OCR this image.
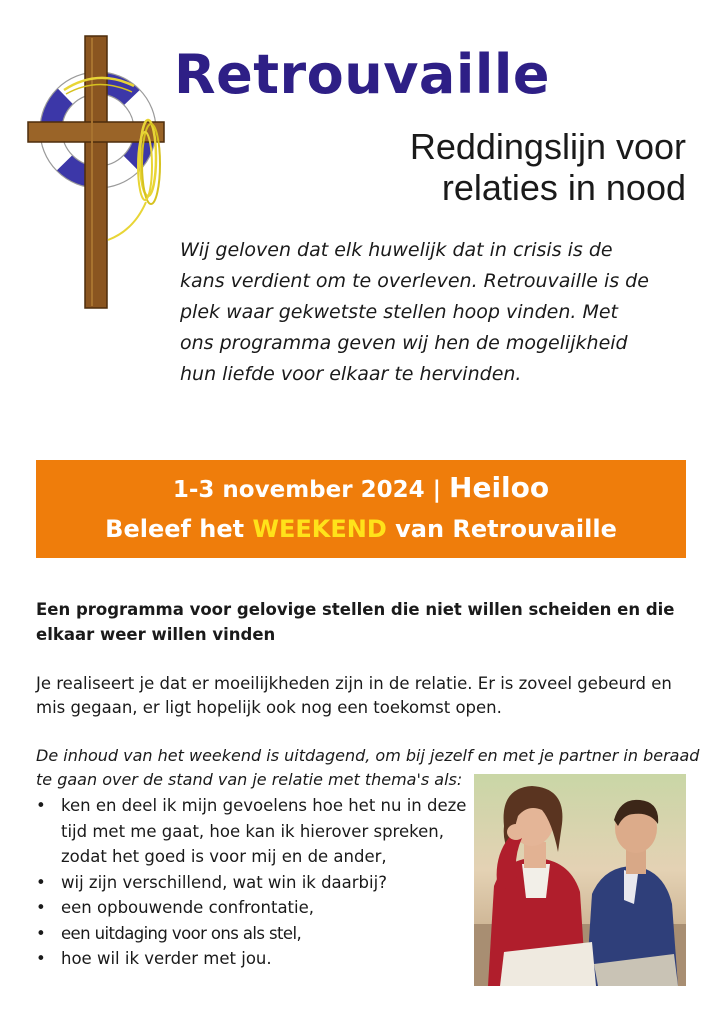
Retrouvaille
Reddingslijn voor
relaties in nood

Wij geloven dat elk huwelijk dat in crisis is de kans verdient om te overleven. Retrouvaille is de plek waar gekwetste stellen hoop vinden. Met ons programma geven wij hen de mogelijkheid hun liefde voor elkaar te hervinden.

1-3 november 2024 | Heiloo
Beleef het WEEKEND van Retrouvaille

Een programma voor gelovige stellen die niet willen scheiden en die elkaar weer willen vinden

Je realiseert je dat er moeilijkheden zijn in de relatie. Er is zoveel gebeurd en mis gegaan, er ligt hopelijk ook nog een toekomst open.

De inhoud van het weekend is uitdagend, om bij jezelf en met je partner in beraad te gaan over de stand van je relatie met thema's als:

• ken en deel ik mijn gevoelens hoe het nu in deze tijd met me gaat, hoe kan ik hierover spreken, zodat het goed is voor mij en de ander,
• wij zijn verschillend, wat win ik daarbij?
• een opbouwende confrontatie,
• een uitdaging voor ons als stel,
• hoe wil ik verder met jou.
